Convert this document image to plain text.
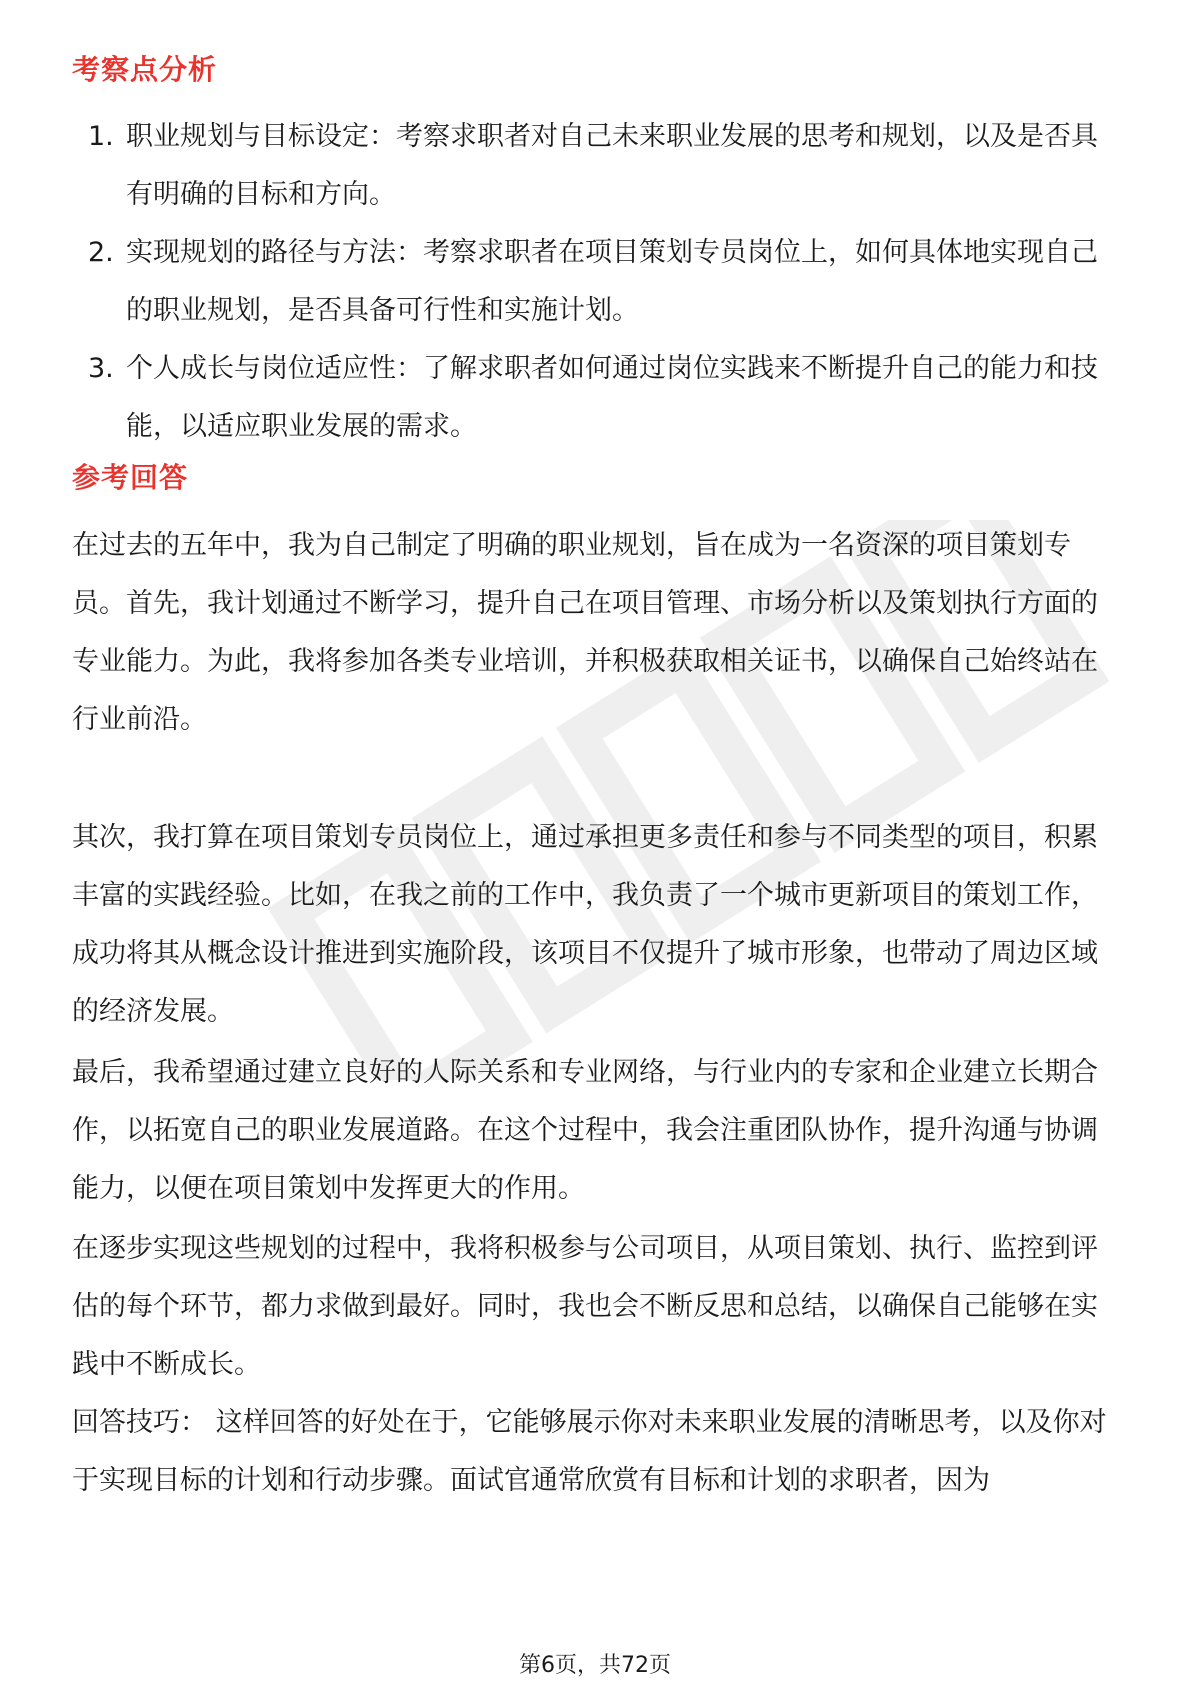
考察点分析
1. 职业规划与目标设定：考察求职者对自己未来职业发展的思考和规划，以及是否具有明确的目标和方向。
2. 实现规划的路径与方法：考察求职者在项目策划专员岗位上，如何具体地实现自己的职业规划，是否具备可行性和实施计划。
3. 个人成长与岗位适应性：了解求职者如何通过岗位实践来不断提升自己的能力和技能，以适应职业发展的需求。
参考回答

在过去的五年中，我为自己制定了明确的职业规划，旨在成为一名资深的项目策划专员。首先，我计划通过不断学习，提升自己在项目管理、市场分析以及策划执行方面的专业能力。为此，我将参加各类专业培训，并积极获取相关证书，以确保自己始终站在行业前沿。

其次，我打算在项目策划专员岗位上，通过承担更多责任和参与不同类型的项目，积累丰富的实践经验。比如，在我之前的工作中，我负责了一个城市更新项目的策划工作，成功将其从概念设计推进到实施阶段，该项目不仅提升了城市形象，也带动了周边区域的经济发展。

最后，我希望通过建立良好的人际关系和专业网络，与行业内的专家和企业建立长期合作，以拓宽自己的职业发展道路。在这个过程中，我会注重团队协作，提升沟通与协调能力，以便在项目策划中发挥更大的作用。

在逐步实现这些规划的过程中，我将积极参与公司项目，从项目策划、执行、监控到评估的每个环节，都力求做到最好。同时，我也会不断反思和总结，以确保自己能够在实践中不断成长。

回答技巧： 这样回答的好处在于，它能够展示你对未来职业发展的清晰思考，以及你对于实现目标的计划和行动步骤。面试官通常欣赏有目标和计划的求职者，因为

第6页，共72页
